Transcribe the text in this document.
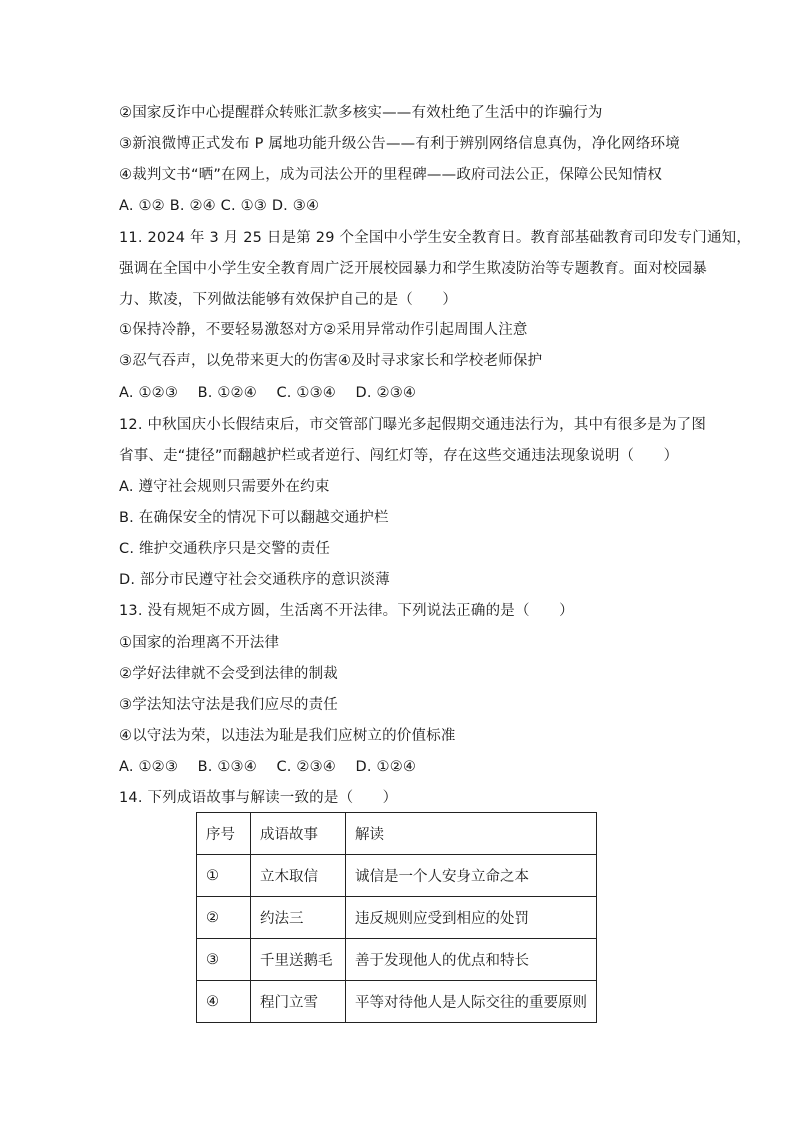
②国家反诈中心提醒群众转账汇款多核实——有效杜绝了生活中的诈骗行为
③新浪微博正式发布 P 属地功能升级公告——有利于辨别网络信息真伪，净化网络环境
④裁判文书“晒”在网上，成为司法公开的里程碑——政府司法公正，保障公民知情权
A. ①② B. ②④ C. ①③ D. ③④
11. 2024 年 3 月 25 日是第 29 个全国中小学生安全教育日。教育部基础教育司印发专门通知，
强调在全国中小学生安全教育周广泛开展校园暴力和学生欺凌防治等专题教育。面对校园暴
力、欺凌，下列做法能够有效保护自己的是（　　）
①保持冷静，不要轻易激怒对方②采用异常动作引起周围人注意
③忍气吞声，以免带来更大的伤害④及时寻求家长和学校老师保护
A. ①②③　 B. ①②④　 C. ①③④　 D. ②③④
12. 中秋国庆小长假结束后，市交管部门曝光多起假期交通违法行为，其中有很多是为了图
省事、走“捷径”而翻越护栏或者逆行、闯红灯等，存在这些交通违法现象说明（　　）
A. 遵守社会规则只需要外在约束
B. 在确保安全的情况下可以翻越交通护栏
C. 维护交通秩序只是交警的责任
D. 部分市民遵守社会交通秩序的意识淡薄
13. 没有规矩不成方圆，生活离不开法律。下列说法正确的是（　　）
①国家的治理离不开法律
②学好法律就不会受到法律的制裁
③学法知法守法是我们应尽的责任
④以守法为荣，以违法为耻是我们应树立的价值标准
A. ①②③　 B. ①③④　 C. ②③④　 D. ①②④
14. 下列成语故事与解读一致的是（　　）
序号	成语故事	解读
①	立木取信	诚信是一个人安身立命之本
②	约法三	违反规则应受到相应的处罚
③	千里送鹅毛	善于发现他人的优点和特长
④	程门立雪	平等对待他人是人际交往的重要原则
